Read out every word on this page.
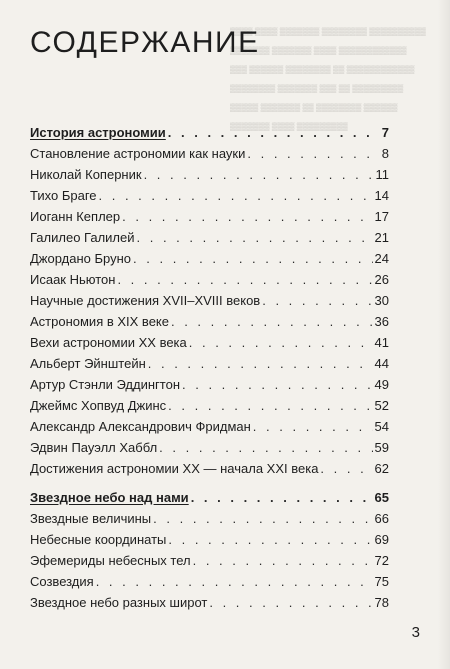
▒▒▒▒ ▒▒▒▒ ▒▒▒▒▒▒▒ ▒▒▒▒▒▒▒▒ ▒▒▒▒▒▒▒▒▒▒
▒▒▒▒▒▒▒ ▒▒▒▒▒▒▒ ▒▒▒▒ ▒▒▒▒▒▒▒▒▒▒▒▒
▒▒▒ ▒▒▒▒▒▒ ▒▒▒▒▒▒▒▒ ▒▒ ▒▒▒▒▒▒▒▒▒▒▒▒
▒▒▒▒▒▒▒▒ ▒▒▒▒▒▒▒ ▒▒▒ ▒▒ ▒▒▒▒▒▒▒▒▒
▒▒▒▒▒ ▒▒▒▒▒▒▒ ▒▒ ▒▒▒▒▒▒▒▒ ▒▒▒▒▒▒
▒▒▒▒▒▒▒ ▒▒▒▒ ▒▒▒▒▒▒▒▒▒
СОДЕРЖАНИЕ
История астрономии . . .	7
Становление астрономии как науки . . .	8
Николай Коперник . . .	11
Тихо Браге . . .	14
Иоганн Кеплер . . .	17
Галилео Галилей . . .	21
Джордано Бруно . . .	24
Исаак Ньютон . . .	26
Научные достижения XVII–XVIII веков . . .	30
Астрономия в XIX веке . . .	36
Вехи астрономии XX века . . .	41
Альберт Эйнштейн . . .	44
Артур Стэнли Эддингтон . . .	49
Джеймс Хопвуд Джинс . . .	52
Александр Александрович Фридман . . .	54
Эдвин Пауэлл Хаббл . . .	59
Достижения астрономии XX — начала XXI века . . .	62
Звездное небо над нами . . .	65
Звездные величины . . .	66
Небесные координаты . . .	69
Эфемериды небесных тел . . .	72
Созвездия . . .	75
Звездное небо разных широт . . .	78
3
